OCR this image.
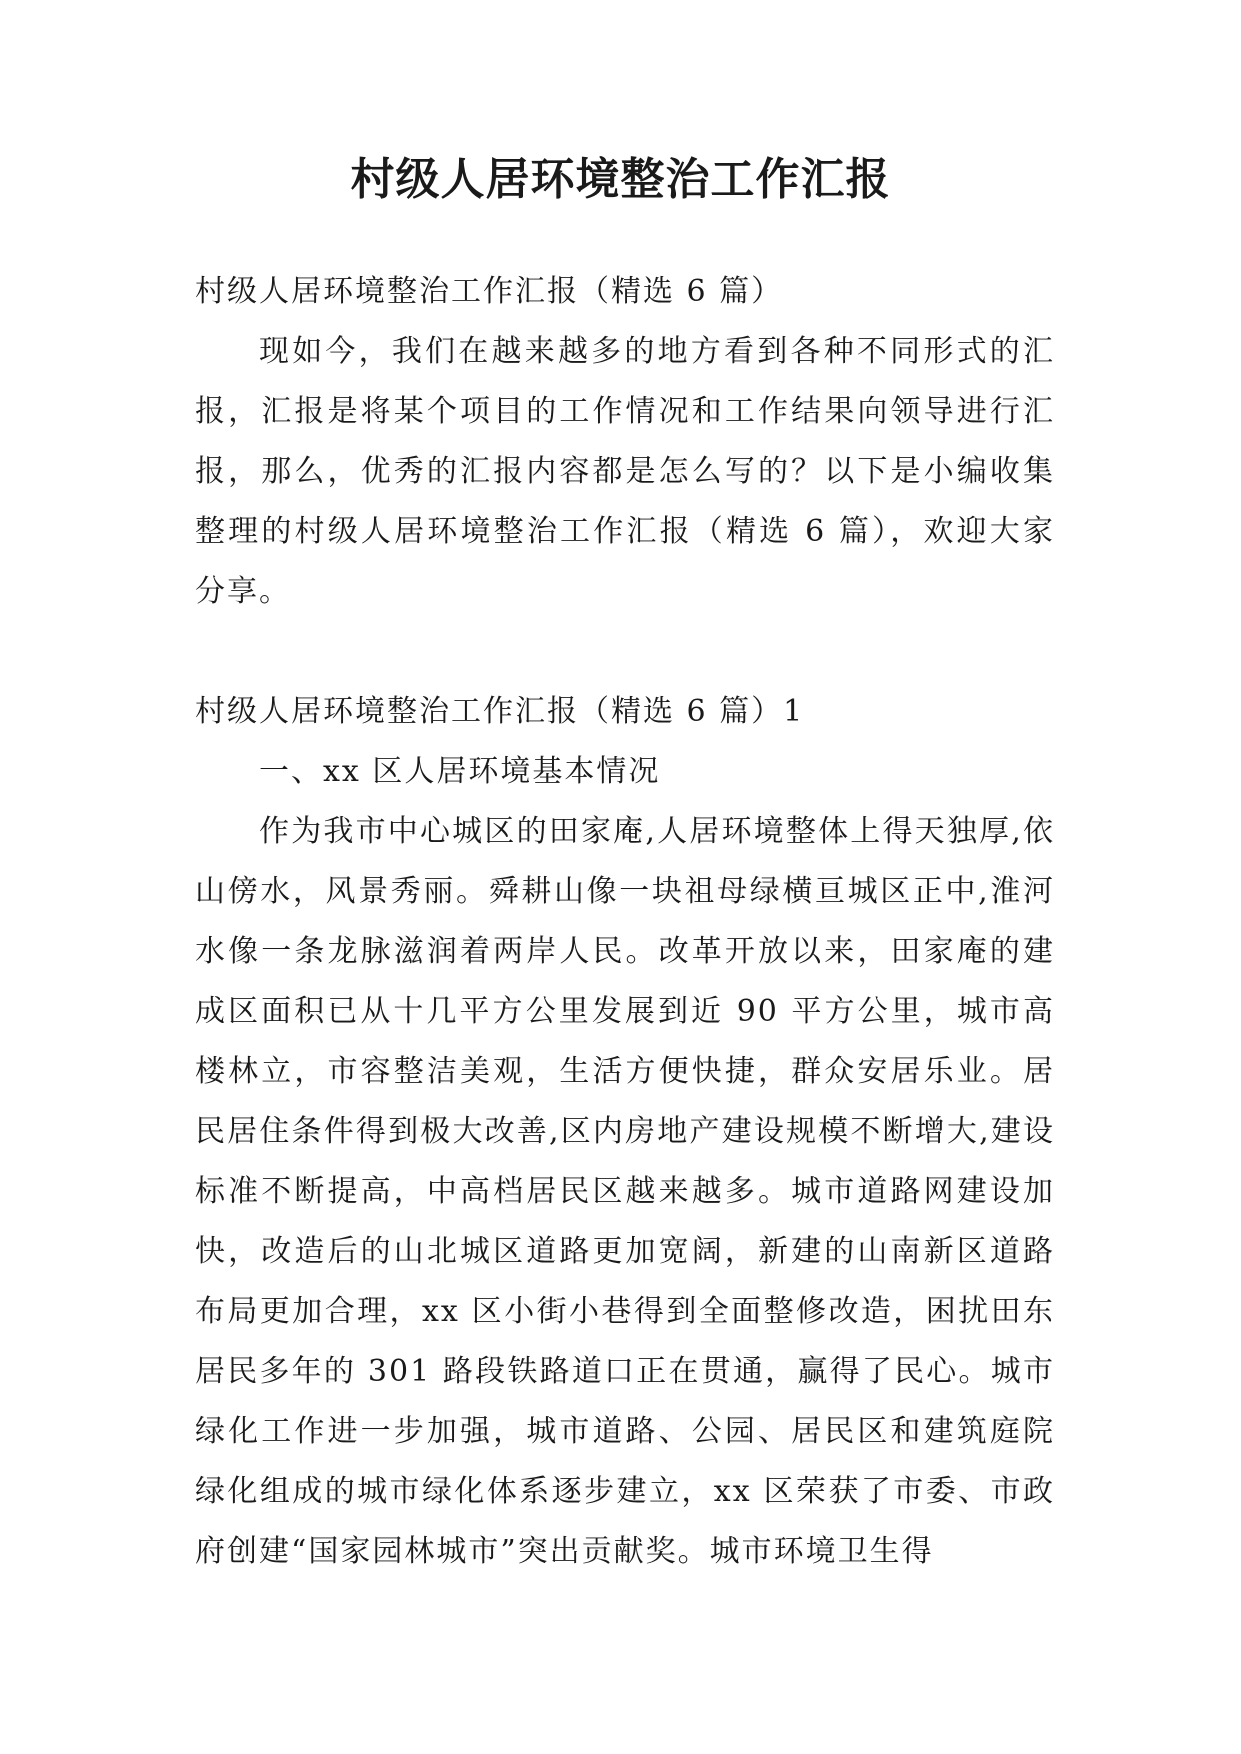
村级人居环境整治工作汇报

村级人居环境整治工作汇报（精选 6 篇）

现如今，我们在越来越多的地方看到各种不同形式的汇报，汇报是将某个项目的工作情况和工作结果向领导进行汇报，那么，优秀的汇报内容都是怎么写的？以下是小编收集整理的村级人居环境整治工作汇报（精选 6 篇），欢迎大家分享。

村级人居环境整治工作汇报（精选 6 篇）1

一、xx 区人居环境基本情况

作为我市中心城区的田家庵,人居环境整体上得天独厚,依山傍水，风景秀丽。舜耕山像一块祖母绿横亘城区正中,淮河水像一条龙脉滋润着两岸人民。改革开放以来，田家庵的建成区面积已从十几平方公里发展到近 90 平方公里，城市高楼林立，市容整洁美观，生活方便快捷，群众安居乐业。居民居住条件得到极大改善,区内房地产建设规模不断增大,建设标准不断提高，中高档居民区越来越多。城市道路网建设加快，改造后的山北城区道路更加宽阔，新建的山南新区道路布局更加合理，xx 区小街小巷得到全面整修改造，困扰田东居民多年的 301 路段铁路道口正在贯通，赢得了民心。城市绿化工作进一步加强，城市道路、公园、居民区和建筑庭院绿化组成的城市绿化体系逐步建立，xx 区荣获了市委、市政府创建“国家园林城市”突出贡献奖。城市环境卫生得
